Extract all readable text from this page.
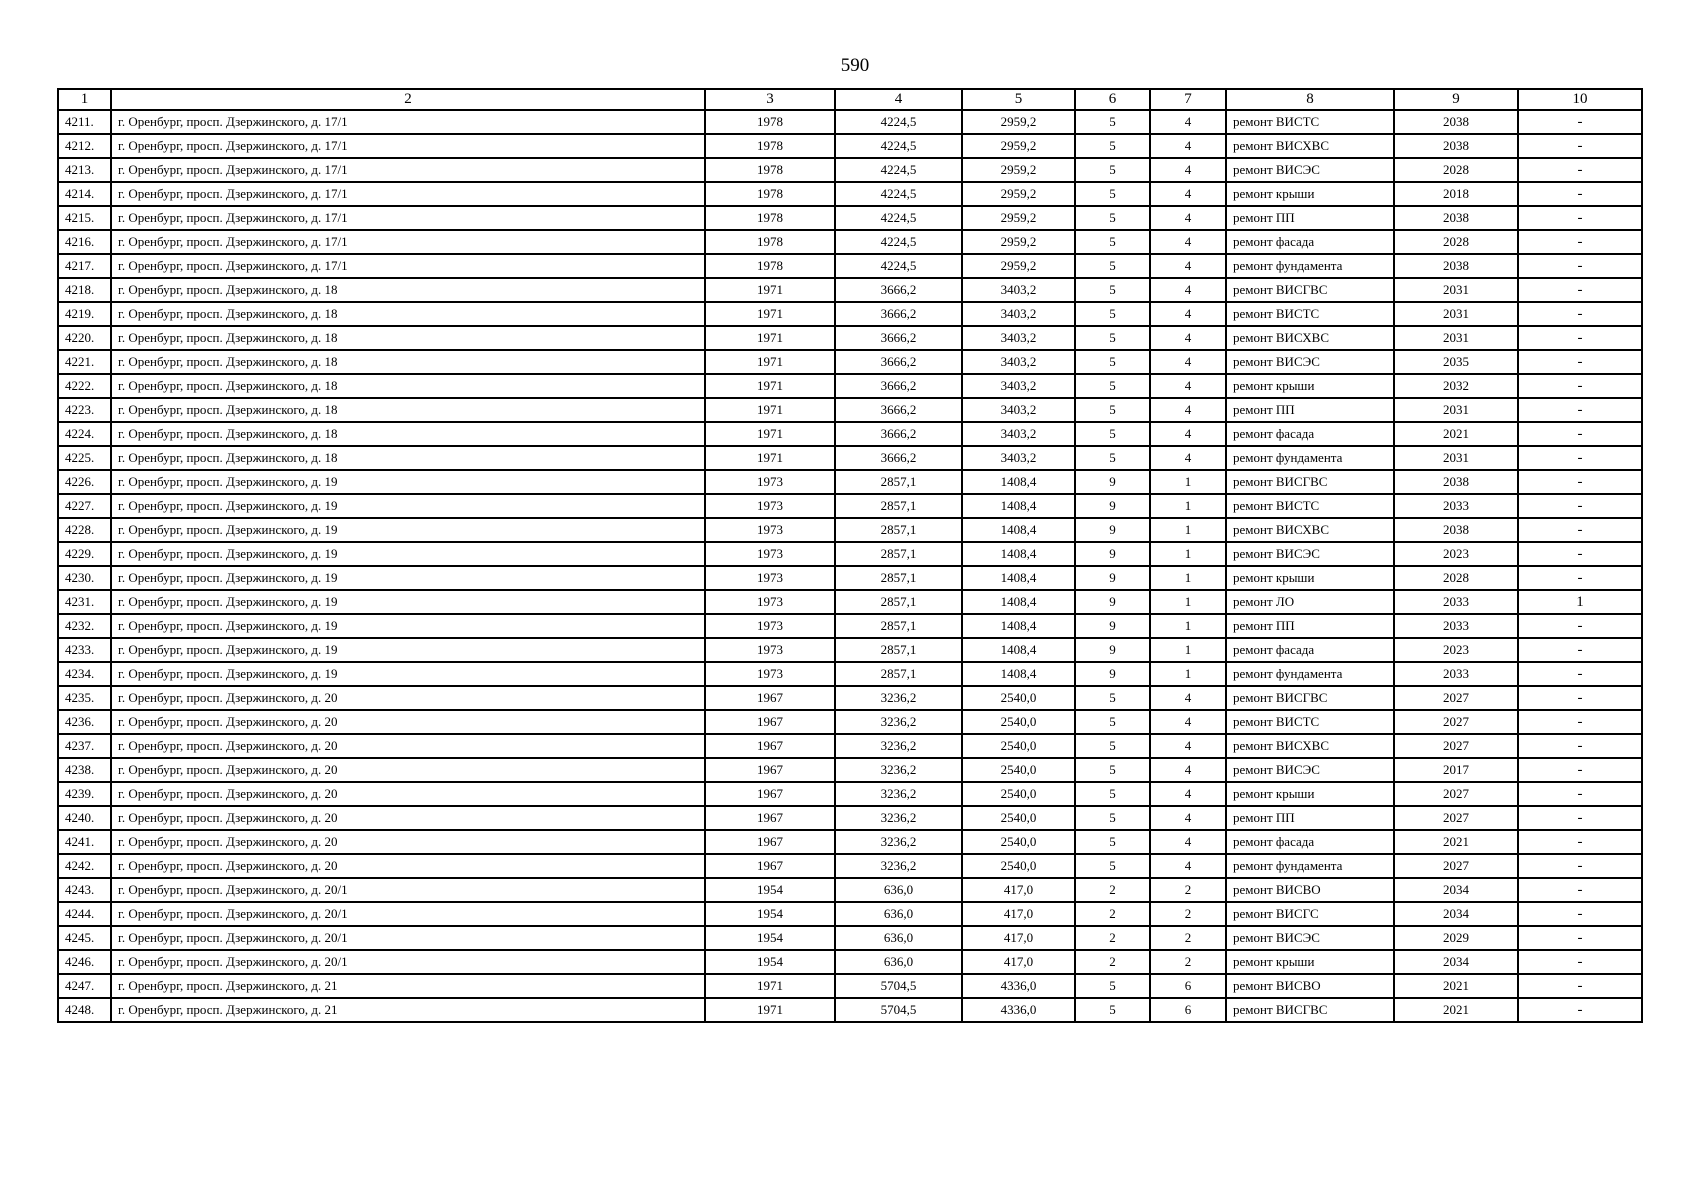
590
1	2	3	4	5	6	7	8	9	10
4211.	г. Оренбург, просп. Дзержинского, д. 17/1	1978	4224,5	2959,2	5	4	ремонт ВИСТС	2038	-
4212.	г. Оренбург, просп. Дзержинского, д. 17/1	1978	4224,5	2959,2	5	4	ремонт ВИСХВС	2038	-
4213.	г. Оренбург, просп. Дзержинского, д. 17/1	1978	4224,5	2959,2	5	4	ремонт ВИСЭС	2028	-
4214.	г. Оренбург, просп. Дзержинского, д. 17/1	1978	4224,5	2959,2	5	4	ремонт крыши	2018	-
4215.	г. Оренбург, просп. Дзержинского, д. 17/1	1978	4224,5	2959,2	5	4	ремонт ПП	2038	-
4216.	г. Оренбург, просп. Дзержинского, д. 17/1	1978	4224,5	2959,2	5	4	ремонт фасада	2028	-
4217.	г. Оренбург, просп. Дзержинского, д. 17/1	1978	4224,5	2959,2	5	4	ремонт фундамента	2038	-
4218.	г. Оренбург, просп. Дзержинского, д. 18	1971	3666,2	3403,2	5	4	ремонт ВИСГВС	2031	-
4219.	г. Оренбург, просп. Дзержинского, д. 18	1971	3666,2	3403,2	5	4	ремонт ВИСТС	2031	-
4220.	г. Оренбург, просп. Дзержинского, д. 18	1971	3666,2	3403,2	5	4	ремонт ВИСХВС	2031	-
4221.	г. Оренбург, просп. Дзержинского, д. 18	1971	3666,2	3403,2	5	4	ремонт ВИСЭС	2035	-
4222.	г. Оренбург, просп. Дзержинского, д. 18	1971	3666,2	3403,2	5	4	ремонт крыши	2032	-
4223.	г. Оренбург, просп. Дзержинского, д. 18	1971	3666,2	3403,2	5	4	ремонт ПП	2031	-
4224.	г. Оренбург, просп. Дзержинского, д. 18	1971	3666,2	3403,2	5	4	ремонт фасада	2021	-
4225.	г. Оренбург, просп. Дзержинского, д. 18	1971	3666,2	3403,2	5	4	ремонт фундамента	2031	-
4226.	г. Оренбург, просп. Дзержинского, д. 19	1973	2857,1	1408,4	9	1	ремонт ВИСГВС	2038	-
4227.	г. Оренбург, просп. Дзержинского, д. 19	1973	2857,1	1408,4	9	1	ремонт ВИСТС	2033	-
4228.	г. Оренбург, просп. Дзержинского, д. 19	1973	2857,1	1408,4	9	1	ремонт ВИСХВС	2038	-
4229.	г. Оренбург, просп. Дзержинского, д. 19	1973	2857,1	1408,4	9	1	ремонт ВИСЭС	2023	-
4230.	г. Оренбург, просп. Дзержинского, д. 19	1973	2857,1	1408,4	9	1	ремонт крыши	2028	-
4231.	г. Оренбург, просп. Дзержинского, д. 19	1973	2857,1	1408,4	9	1	ремонт ЛО	2033	1
4232.	г. Оренбург, просп. Дзержинского, д. 19	1973	2857,1	1408,4	9	1	ремонт ПП	2033	-
4233.	г. Оренбург, просп. Дзержинского, д. 19	1973	2857,1	1408,4	9	1	ремонт фасада	2023	-
4234.	г. Оренбург, просп. Дзержинского, д. 19	1973	2857,1	1408,4	9	1	ремонт фундамента	2033	-
4235.	г. Оренбург, просп. Дзержинского, д. 20	1967	3236,2	2540,0	5	4	ремонт ВИСГВС	2027	-
4236.	г. Оренбург, просп. Дзержинского, д. 20	1967	3236,2	2540,0	5	4	ремонт ВИСТС	2027	-
4237.	г. Оренбург, просп. Дзержинского, д. 20	1967	3236,2	2540,0	5	4	ремонт ВИСХВС	2027	-
4238.	г. Оренбург, просп. Дзержинского, д. 20	1967	3236,2	2540,0	5	4	ремонт ВИСЭС	2017	-
4239.	г. Оренбург, просп. Дзержинского, д. 20	1967	3236,2	2540,0	5	4	ремонт крыши	2027	-
4240.	г. Оренбург, просп. Дзержинского, д. 20	1967	3236,2	2540,0	5	4	ремонт ПП	2027	-
4241.	г. Оренбург, просп. Дзержинского, д. 20	1967	3236,2	2540,0	5	4	ремонт фасада	2021	-
4242.	г. Оренбург, просп. Дзержинского, д. 20	1967	3236,2	2540,0	5	4	ремонт фундамента	2027	-
4243.	г. Оренбург, просп. Дзержинского, д. 20/1	1954	636,0	417,0	2	2	ремонт ВИСВО	2034	-
4244.	г. Оренбург, просп. Дзержинского, д. 20/1	1954	636,0	417,0	2	2	ремонт ВИСГС	2034	-
4245.	г. Оренбург, просп. Дзержинского, д. 20/1	1954	636,0	417,0	2	2	ремонт ВИСЭС	2029	-
4246.	г. Оренбург, просп. Дзержинского, д. 20/1	1954	636,0	417,0	2	2	ремонт крыши	2034	-
4247.	г. Оренбург, просп. Дзержинского, д. 21	1971	5704,5	4336,0	5	6	ремонт ВИСВО	2021	-
4248.	г. Оренбург, просп. Дзержинского, д. 21	1971	5704,5	4336,0	5	6	ремонт ВИСГВС	2021	-
